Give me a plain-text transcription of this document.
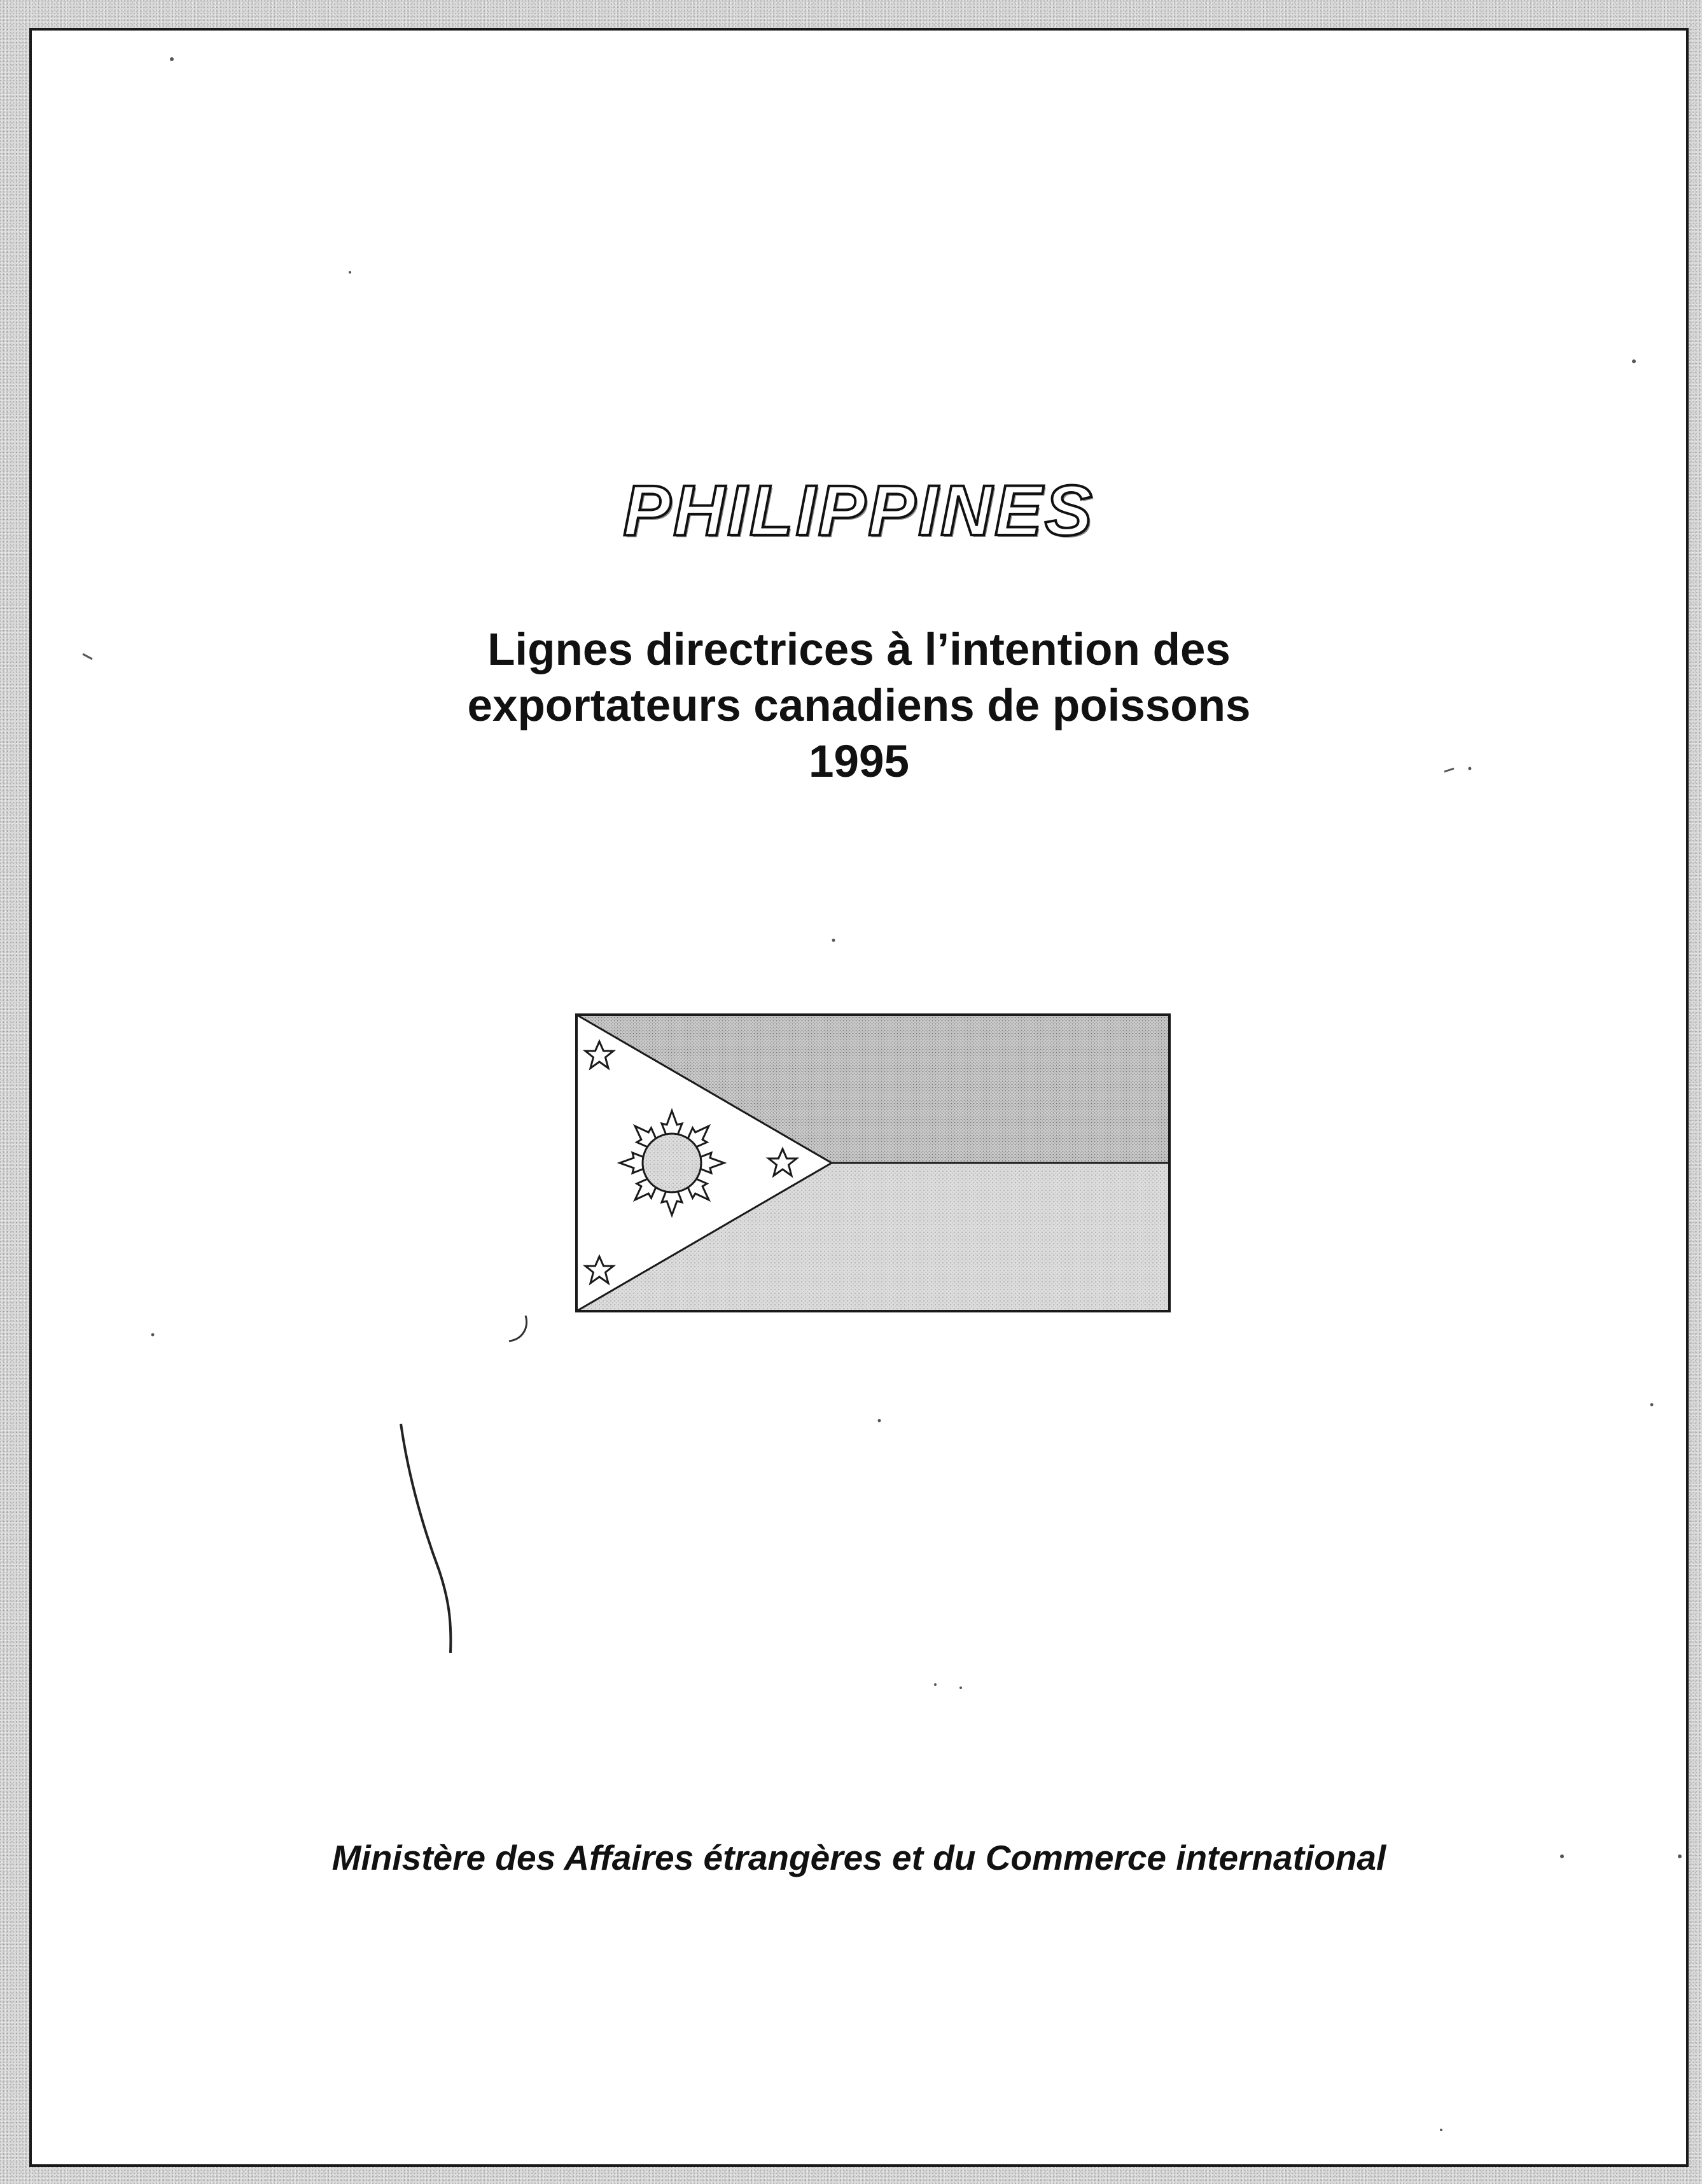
PHILIPPINES
Lignes directrices à l’intention des
exportateurs canadiens de poissons
1995
Ministère des Affaires étrangères et du Commerce international
